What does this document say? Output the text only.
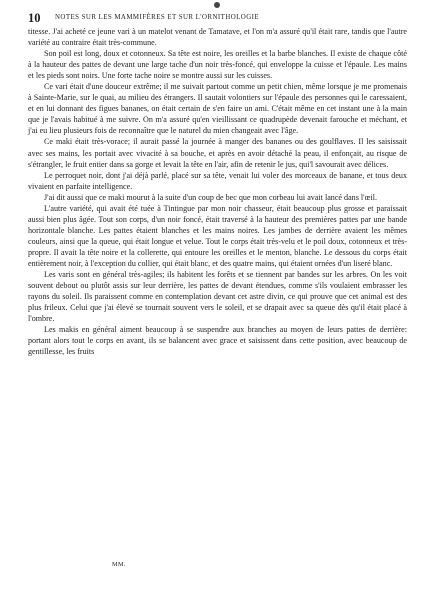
10 NOTES SUR LES MAMMIFÈRES ET SUR L'ORNITHOLOGIE

titesse. J'ai acheté ce jeune vari à un matelot venant de Tamatave, et l'on m'a assuré qu'il était rare, tandis que l'autre variété au contraire était très-commune.

Son poil est long, doux et cotonneux. Sa tête est noire, les oreilles et la barbe blanches. Il existe de chaque côté à la hauteur des pattes de devant une large tache d'un noir très-foncé, qui enveloppe la cuisse et l'épaule. Les mains et les pieds sont noirs. Une forte tache noire se montre aussi sur les cuisses.

Ce vari était d'une douceur extrême; il me suivait partout comme un petit chien, même lorsque je me promenais à Sainte-Marie, sur le quai, au milieu des étrangers. Il sautait volontiers sur l'épaule des personnes qui le caressaient, et en lui donnant des figues bananes, on était certain de s'en faire un ami. C'était même en cet instant une à la main que je l'avais habitué à me suivre. On m'a assuré qu'en vieillissant ce quadrupède devenait farouche et méchant, et j'ai eu lieu plusieurs fois de reconnaître que le naturel du mien changeait avec l'âge.

Ce maki était très-vorace; il aurait passé la journée à manger des bananes ou des goulflaves. Il les saisissait avec ses mains, les portait avec vivacité à sa bouche, et après en avoir détaché la peau, il enfonçait, au risque de s'étrangler, le fruit entier dans sa gorge et levait la tête en l'air, afin de retenir le jus, qui'l savourait avec délices.

Le perroquet noir, dont j'ai déjà parlé, placé sur sa tête, venait lui voler des morceaux de banane, et tous deux vivaient en parfaite intelligence.

J'ai dit aussi que ce maki mourut à la suite d'un coup de bec que mon corbeau lui avait lancé dans l'œil.

L'autre variété, qui avait été tuée à Tintingue par mon noir chasseur, était beaucoup plus grosse et paraissait aussi bien plus âgée. Tout son corps, d'un noir foncé, était traversé à la hauteur des premières pattes par une bande horizontale blanche. Les pattes étaient blanches et les mains noires. Les jambes de derrière avaient les mêmes couleurs, ainsi que la queue, qui était longue et velue. Tout le corps était très-velu et le poil doux, cotonneux et très-propre. Il avait la tête noire et la collerette, qui entoure les oreilles et le menton, blanche. Le dessous du corps était entièrement noir, à l'exception du collier, qui était blanc, et des quatre mains, qui étaient ornées d'un liseré blanc.

Les varis sont en général très-agiles; ils habitent les forêts et se tiennent par bandes sur les arbres. On les voit souvent debout ou plutôt assis sur leur derrière, les pattes de devant étendues, comme s'ils voulaient embrasser les rayons du soleil. Ils paraissent comme en contemplation devant cet astre divin, ce qui prouve que cet animal est des plus frileux. Celui que j'ai élevé se tournait souvent vers le soleil, et se drapait avec sa queue dès qu'il était placé à l'ombre.

Les makis en général aiment beaucoup à se suspendre aux branches au moyen de leurs pattes de derrière: portant alors tout le corps en avant, ils se balancent avec grace et saisissent dans cette position, avec beaucoup de gentillesse, les fruits

MM.
